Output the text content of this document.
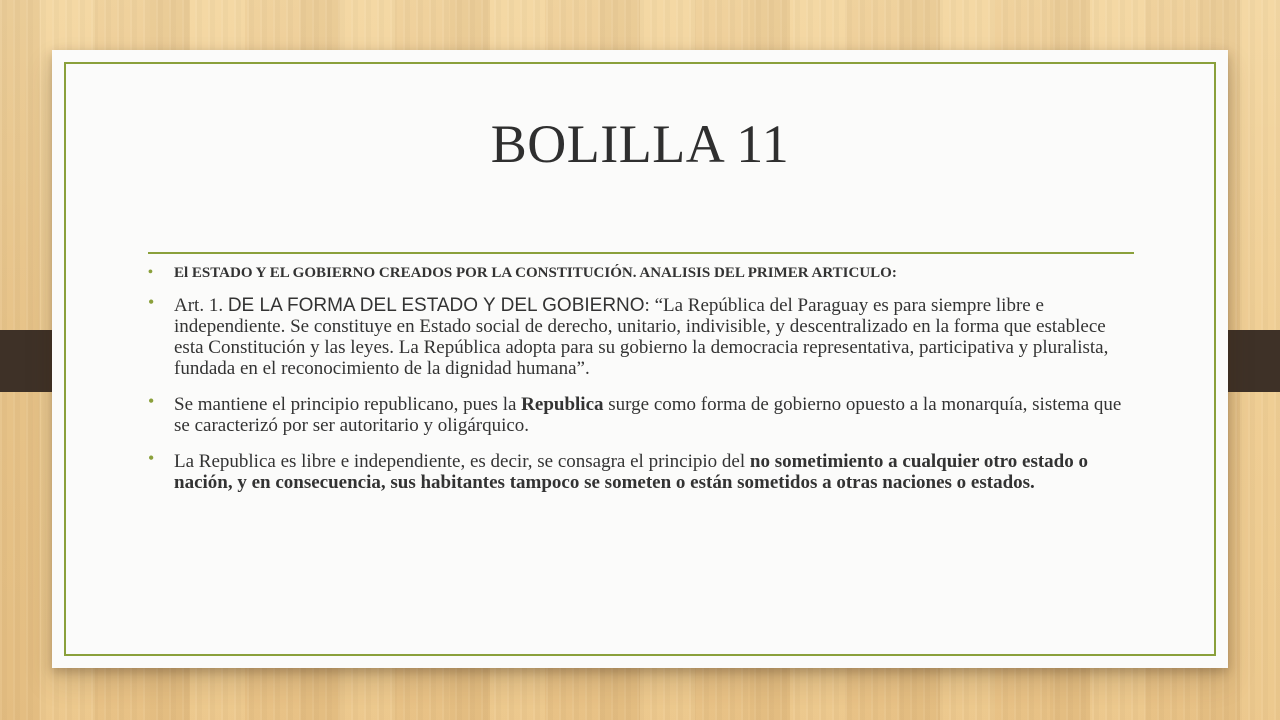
BOLILLA 11
• El ESTADO Y EL GOBIERNO CREADOS POR LA CONSTITUCIÓN. ANALISIS DEL PRIMER ARTICULO:
• Art. 1. DE LA FORMA DEL ESTADO Y DEL GOBIERNO: “La República del Paraguay es para siempre libre e independiente. Se constituye en Estado social de derecho, unitario, indivisible, y descentralizado en la forma que establece esta Constitución y las leyes. La República adopta para su gobierno la democracia representativa, participativa y pluralista, fundada en el reconocimiento de la dignidad humana”.
• Se mantiene el principio republicano, pues la Republica surge como forma de gobierno opuesto a la monarquía, sistema que se caracterizó por ser autoritario y oligárquico.
• La Republica es libre e independiente, es decir, se consagra el principio del no sometimiento a cualquier otro estado o nación, y en consecuencia, sus habitantes tampoco se someten o están sometidos a otras naciones o estados.
